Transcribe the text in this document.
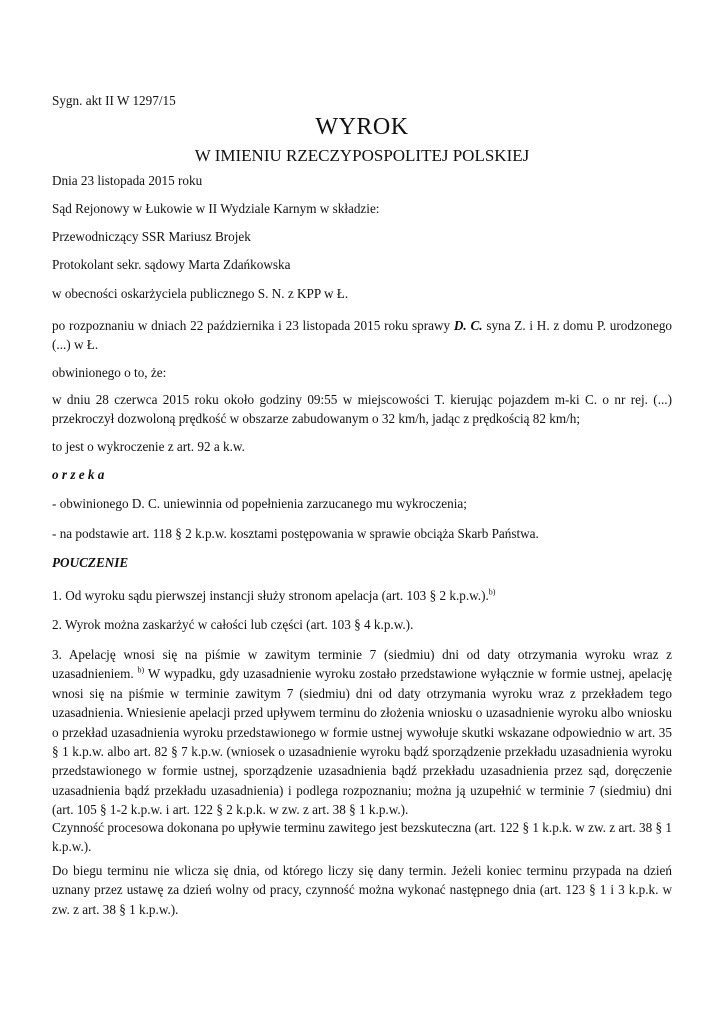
Sygn. akt II W 1297/15
WYROK
W IMIENIU RZECZYPOSPOLITEJ POLSKIEJ
Dnia 23 listopada 2015 roku
Sąd Rejonowy w Łukowie w II Wydziale Karnym w składzie:
Przewodniczący SSR Mariusz Brojek
Protokolant sekr. sądowy Marta Zdańkowska
w obecności oskarżyciela publicznego S. N. z KPP w Ł.
po rozpoznaniu w dniach 22 października i 23 listopada 2015 roku sprawy D. C. syna Z. i H. z domu P. urodzonego (...) w Ł.
obwinionego o to, że:
w dniu 28 czerwca 2015 roku około godziny 09:55 w miejscowości T. kierując pojazdem m-ki C. o nr rej. (...) przekroczył dozwoloną prędkość w obszarze zabudowanym o 32 km/h, jadąc z prędkością 82 km/h;
to jest o wykroczenie z art. 92 a k.w.
o r z e k a
- obwinionego D. C. uniewinnia od popełnienia zarzucanego mu wykroczenia;
- na podstawie art. 118 § 2 k.p.w. kosztami postępowania w sprawie obciąża Skarb Państwa.
POUCZENIE
1. Od wyroku sądu pierwszej instancji służy stronom apelacja (art. 103 § 2 k.p.w.).$^{b)}$
2. Wyrok można zaskarżyć w całości lub części (art. 103 § 4 k.p.w.).
3. Apelację wnosi się na piśmie w zawitym terminie 7 (siedmiu) dni od daty otrzymania wyroku wraz z uzasadnieniem. $^{b)}$ W wypadku, gdy uzasadnienie wyroku zostało przedstawione wyłącznie w formie ustnej, apelację wnosi się na piśmie w terminie zawitym 7 (siedmiu) dni od daty otrzymania wyroku wraz z przekładem tego uzasadnienia. Wniesienie apelacji przed upływem terminu do złożenia wniosku o uzasadnienie wyroku albo wniosku o przekład uzasadnienia wyroku przedstawionego w formie ustnej wywołuje skutki wskazane odpowiednio w art. 35 § 1 k.p.w. albo art. 82 § 7 k.p.w. (wniosek o uzasadnienie wyroku bądź sporządzenie przekładu uzasadnienia wyroku przedstawionego w formie ustnej, sporządzenie uzasadnienia bądź przekładu uzasadnienia przez sąd, doręczenie uzasadnienia bądź przekładu uzasadnienia) i podlega rozpoznaniu; można ją uzupełnić w terminie 7 (siedmiu) dni (art. 105 § 1-2 k.p.w. i art. 122 § 2 k.p.k. w zw. z art. 38 § 1 k.p.w.).
Czynność procesowa dokonana po upływie terminu zawitego jest bezskuteczna (art. 122 § 1 k.p.k. w zw. z art. 38 § 1 k.p.w.).
Do biegu terminu nie wlicza się dnia, od którego liczy się dany termin. Jeżeli koniec terminu przypada na dzień uznany przez ustawę za dzień wolny od pracy, czynność można wykonać następnego dnia (art. 123 § 1 i 3 k.p.k. w zw. z art. 38 § 1 k.p.w.).
